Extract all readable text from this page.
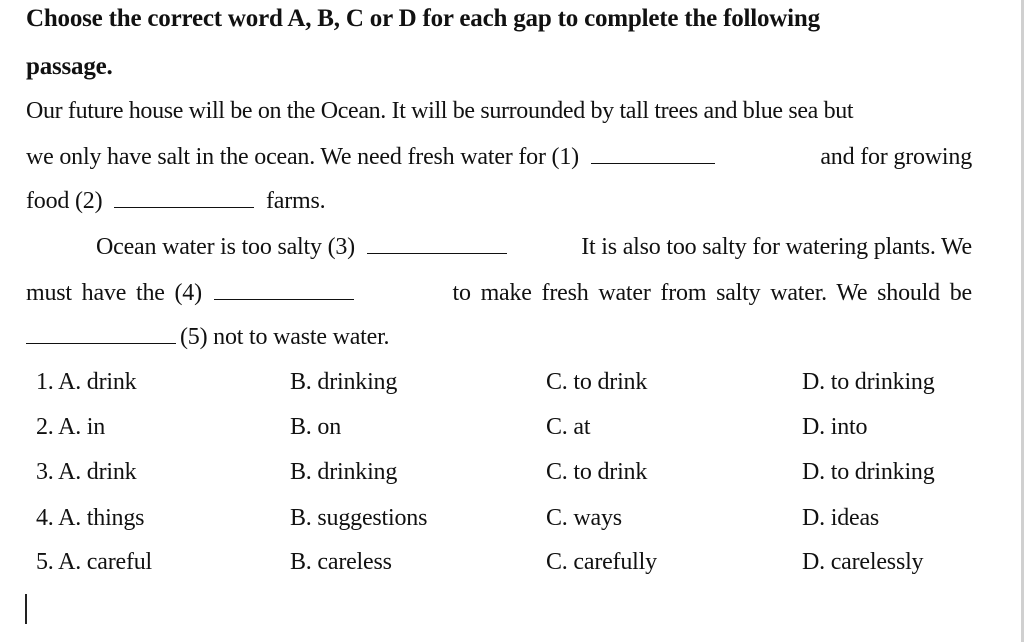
Choose the correct word A, B, C or D for each gap to complete the following
passage.
Our future house will be on the Ocean. It will be surrounded by tall trees and blue sea but
we only have salt in the ocean. We need fresh water for (1)	and for growing
food (2)	farms.
Ocean water is too salty (3)	It is also too salty for watering plants. We
must have the (4)	to make fresh water from salty water. We should be
(5) not to waste water.
1. A. drink	B. drinking	C. to drink	D. to drinking
2. A. in	B. on	C. at	D. into
3. A. drink	B. drinking	C. to drink	D. to drinking
4. A. things	B. suggestions	C. ways	D. ideas
5. A. careful	B. careless	C. carefully	D. carelessly
